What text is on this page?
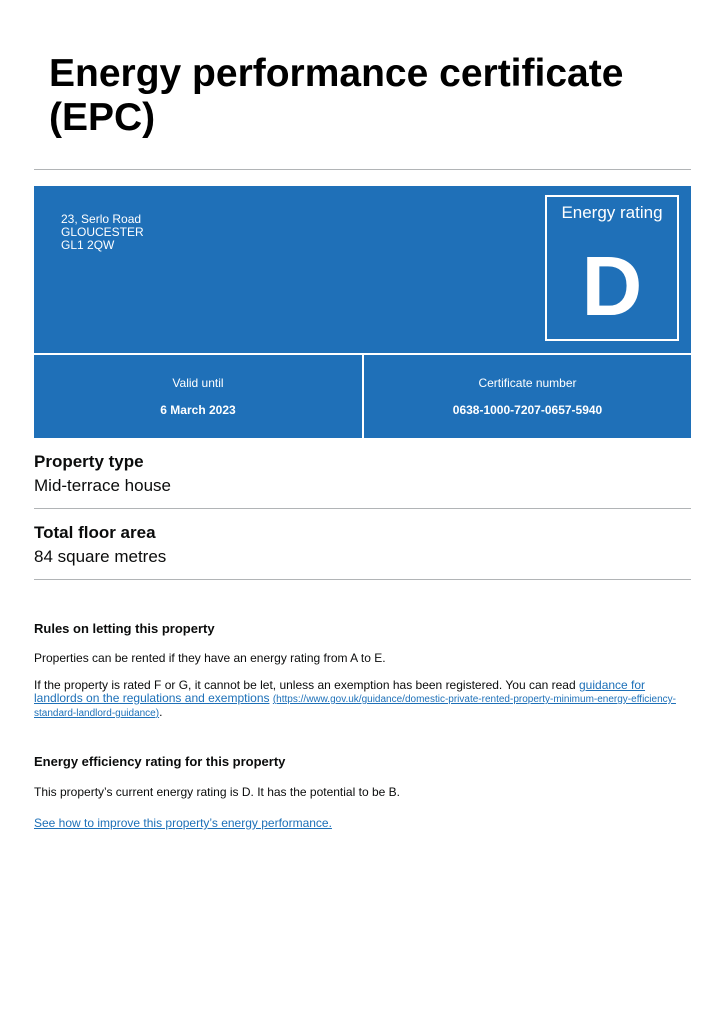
Energy performance certificate (EPC)
23, Serlo Road
GLOUCESTER
GL1 2QW
Energy rating
D
Valid until
6 March 2023
Certificate number
0638-1000-7207-0657-5940
Property type
Mid-terrace house
Total floor area
84 square metres
Rules on letting this property

Properties can be rented if they have an energy rating from A to E.

If the property is rated F or G, it cannot be let, unless an exemption has been registered. You can read guidance for landlords on the regulations and exemptions (https://www.gov.uk/guidance/domestic-private-rented-property-minimum-energy-efficiency-standard-landlord-guidance).

Energy efficiency rating for this property

This property’s current energy rating is D. It has the potential to be B.

See how to improve this property’s energy performance.
